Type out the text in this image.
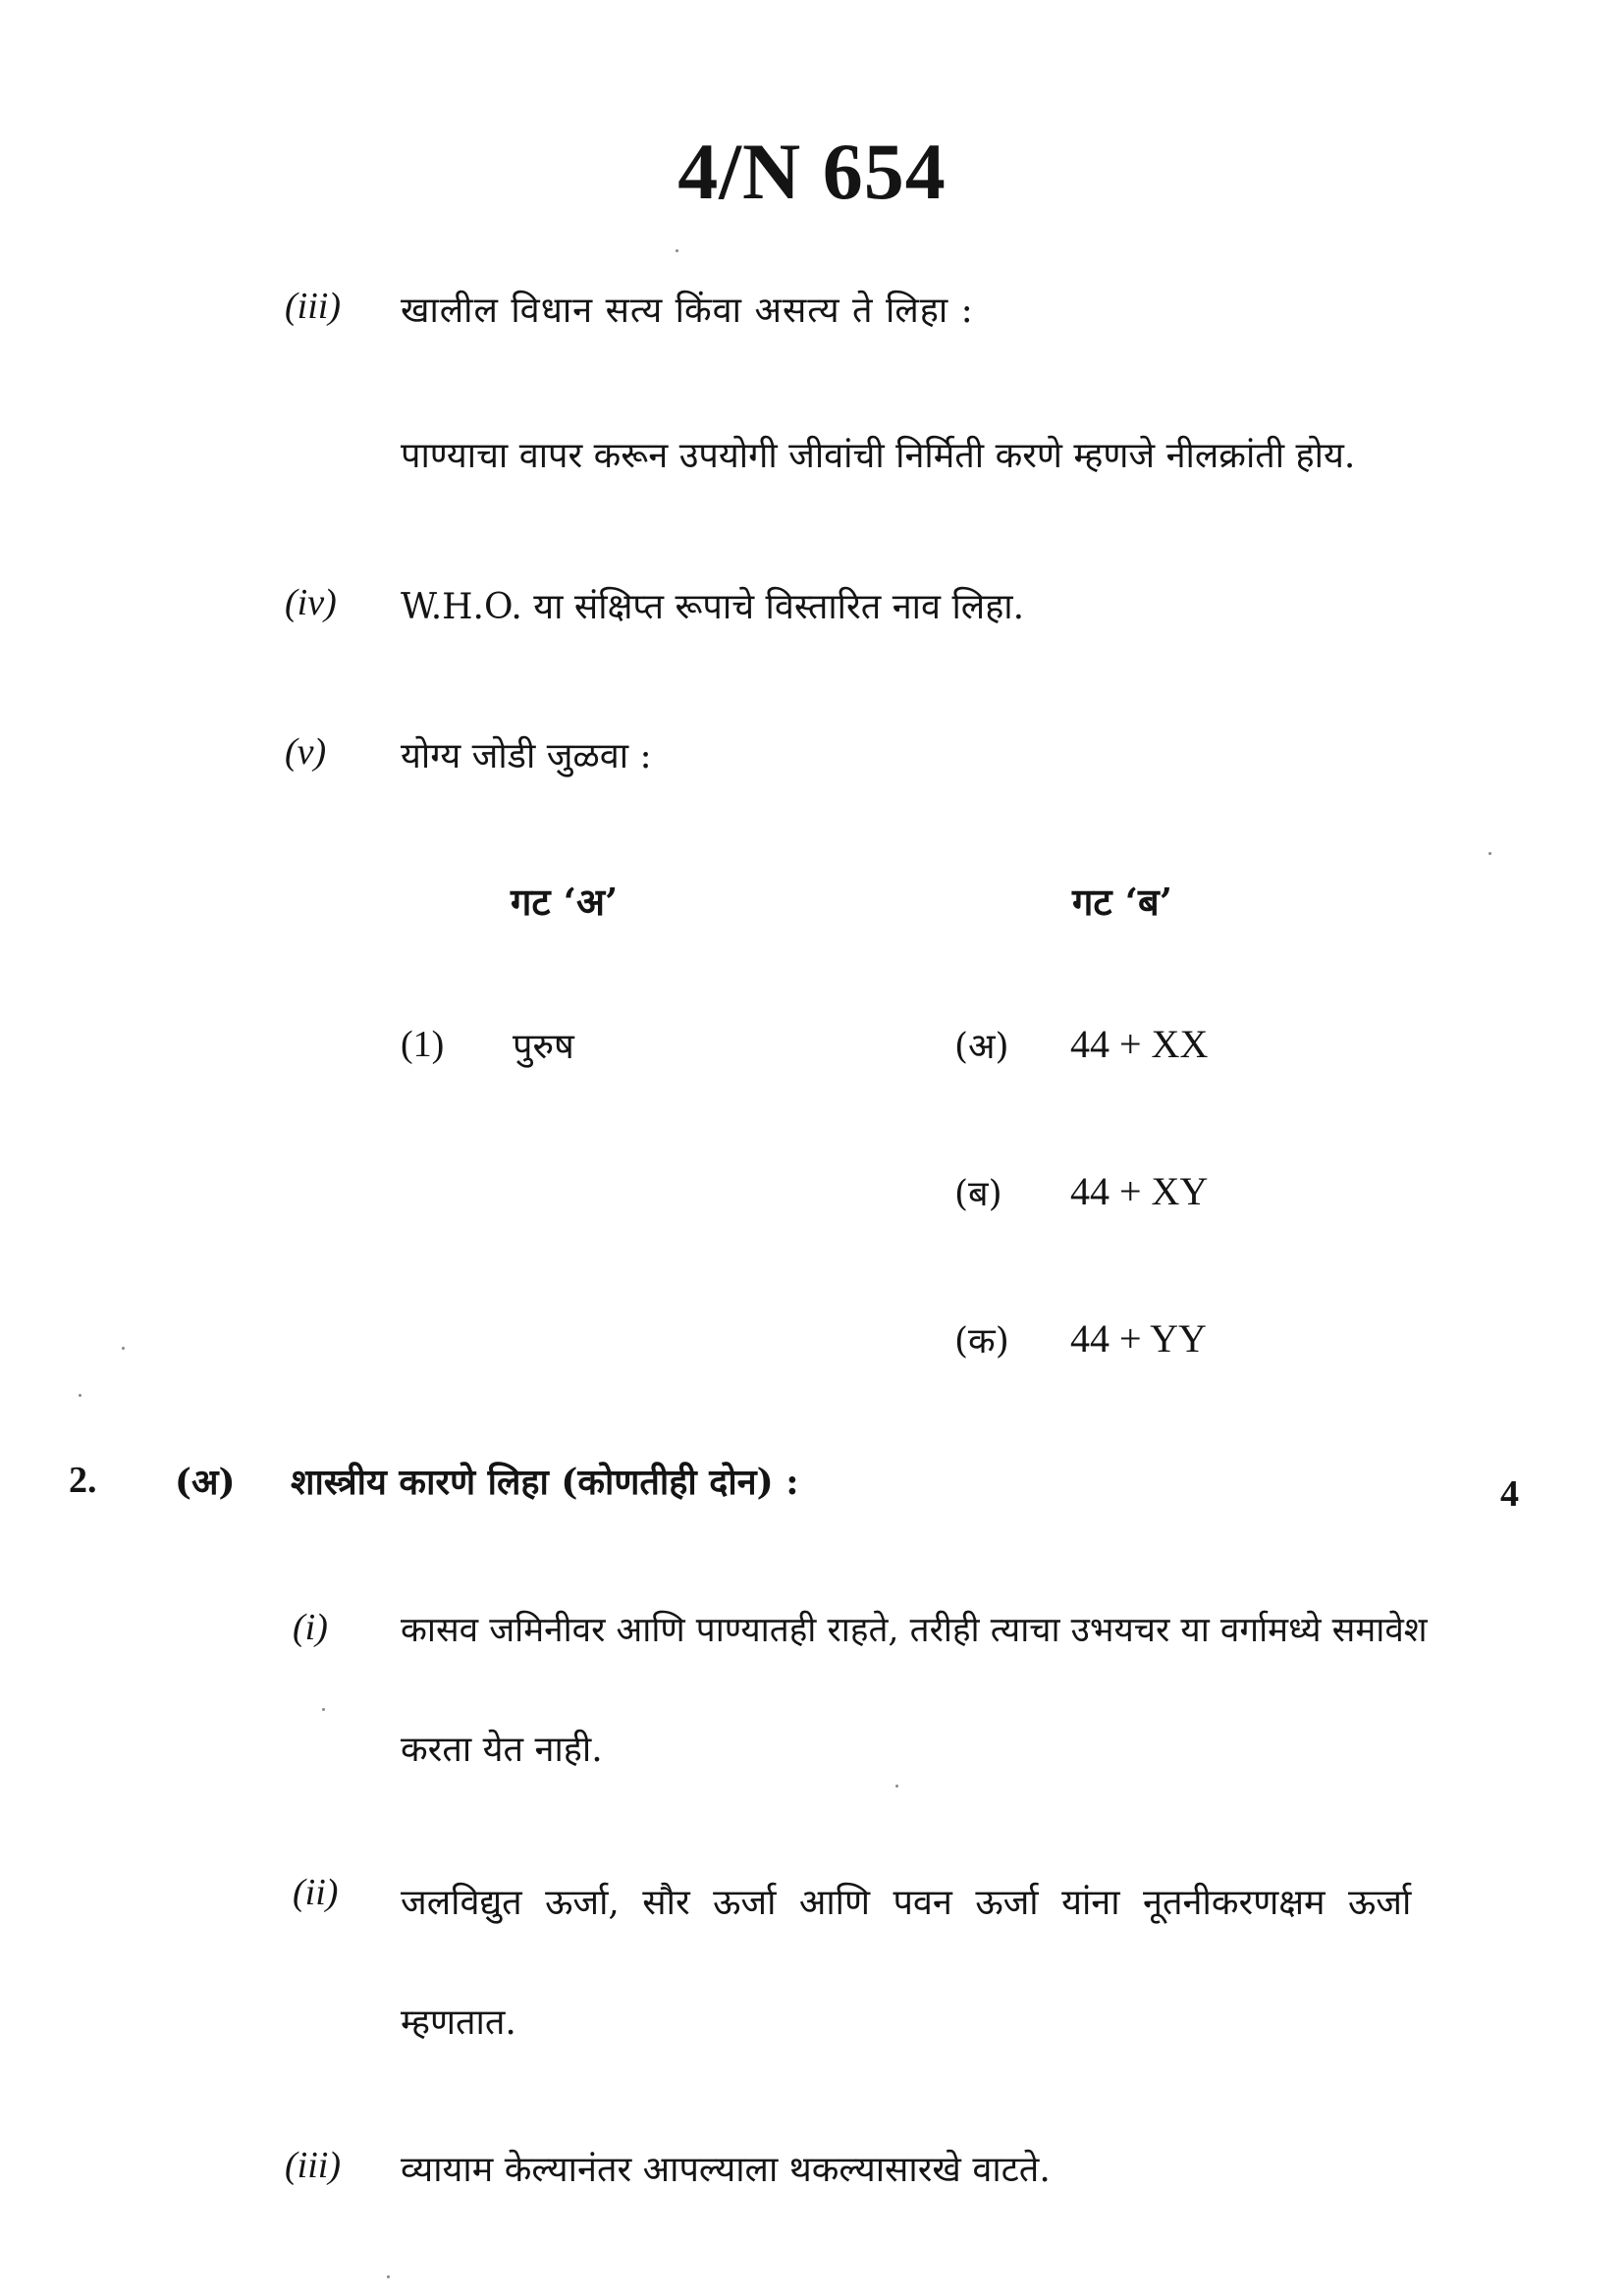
4/N 654
(iii) खालील विधान सत्य किंवा असत्य ते लिहा :
पाण्याचा वापर करून उपयोगी जीवांची निर्मिती करणे म्हणजे नीलक्रांती होय.
(iv) W.H.O. या संक्षिप्त रूपाचे विस्तारित नाव लिहा.
(v) योग्य जोडी जुळवा :
गट ‘अ’	गट ‘ब’
(1) पुरुष	(अ) 44 + XX
(ब) 44 + XY
(क) 44 + YY
2. (अ) शास्त्रीय कारणे लिहा (कोणतीही दोन) :	4
(i) कासव जमिनीवर आणि पाण्यातही राहते, तरीही त्याचा उभयचर या वर्गामध्ये समावेश
करता येत नाही.
(ii) जलविद्युत ऊर्जा, सौर ऊर्जा आणि पवन ऊर्जा यांना नूतनीकरणक्षम ऊर्जा
म्हणतात.
(iii) व्यायाम केल्यानंतर आपल्याला थकल्यासारखे वाटते.
